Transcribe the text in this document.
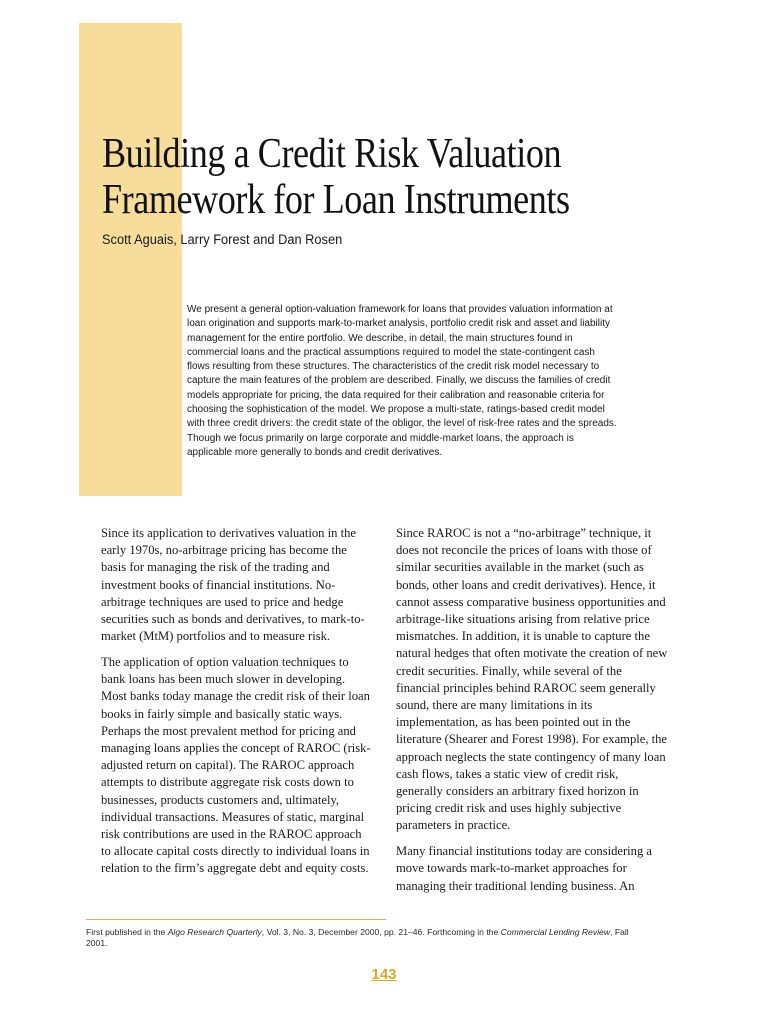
Building a Credit Risk Valuation
Framework for Loan Instruments

Scott Aguais, Larry Forest and Dan Rosen

We present a general option-valuation framework for loans that provides valuation information at loan origination and supports mark-to-market analysis, portfolio credit risk and asset and liability management for the entire portfolio. We describe, in detail, the main structures found in commercial loans and the practical assumptions required to model the state-contingent cash flows resulting from these structures. The characteristics of the credit risk model necessary to capture the main features of the problem are described. Finally, we discuss the families of credit models appropriate for pricing, the data required for their calibration and reasonable criteria for choosing the sophistication of the model. We propose a multi-state, ratings-based credit model with three credit drivers: the credit state of the obligor, the level of risk-free rates and the spreads. Though we focus primarily on large corporate and middle-market loans, the approach is applicable more generally to bonds and credit derivatives.

Since its application to derivatives valuation in the early 1970s, no-arbitrage pricing has become the basis for managing the risk of the trading and investment books of financial institutions. No-arbitrage techniques are used to price and hedge securities such as bonds and derivatives, to mark-to-market (MtM) portfolios and to measure risk.

The application of option valuation techniques to bank loans has been much slower in developing. Most banks today manage the credit risk of their loan books in fairly simple and basically static ways. Perhaps the most prevalent method for pricing and managing loans applies the concept of RAROC (risk-adjusted return on capital). The RAROC approach attempts to distribute aggregate risk costs down to businesses, products customers and, ultimately, individual transactions. Measures of static, marginal risk contributions are used in the RAROC approach to allocate capital costs directly to individual loans in relation to the firm’s aggregate debt and equity costs.

Since RAROC is not a “no-arbitrage” technique, it does not reconcile the prices of loans with those of similar securities available in the market (such as bonds, other loans and credit derivatives). Hence, it cannot assess comparative business opportunities and arbitrage-like situations arising from relative price mismatches. In addition, it is unable to capture the natural hedges that often motivate the creation of new credit securities. Finally, while several of the financial principles behind RAROC seem generally sound, there are many limitations in its implementation, as has been pointed out in the literature (Shearer and Forest 1998). For example, the approach neglects the state contingency of many loan cash flows, takes a static view of credit risk, generally considers an arbitrary fixed horizon in pricing credit risk and uses highly subjective parameters in practice.

Many financial institutions today are considering a move towards mark-to-market approaches for managing their traditional lending business. An

First published in the Algo Research Quarterly, Vol. 3, No. 3, December 2000, pp. 21–46. Forthcoming in the Commercial Lending Review, Fall 2001.

143
